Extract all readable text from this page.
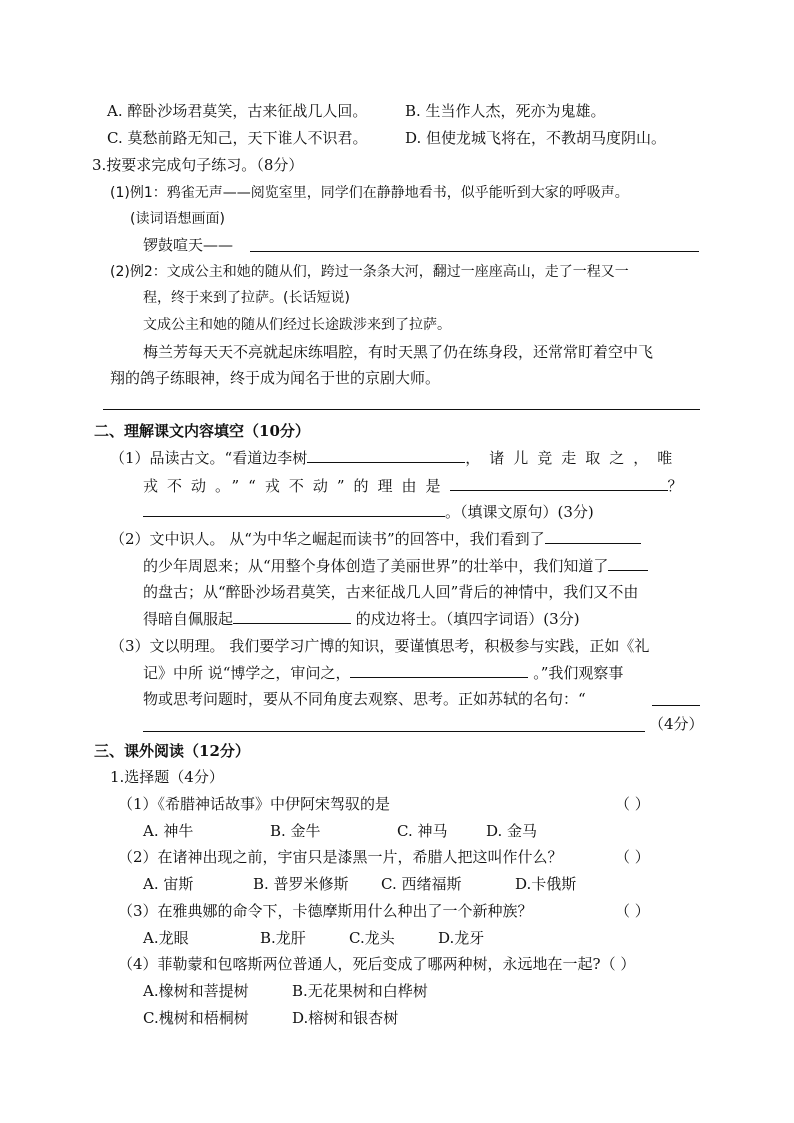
A. 醉卧沙场君莫笑，古来征战几人回。	B. 生当作人杰，死亦为鬼雄。
C. 莫愁前路无知己，天下谁人不识君。	D. 但使龙城飞将在，不教胡马度阴山。
3.按要求完成句子练习。（8分）
(1)例1：鸦雀无声——阅览室里，同学们在静静地看书，似乎能听到大家的呼吸声。
(读词语想画面)
锣鼓喧天——
(2)例2：文成公主和她的随从们，跨过一条条大河，翻过一座座高山，走了一程又一
程，终于来到了拉萨。(长话短说)
文成公主和她的随从们经过长途跋涉来到了拉萨。
梅兰芳每天天不亮就起床练唱腔，有时天黑了仍在练身段，还常常盯着空中飞
翔的鸽子练眼神，终于成为闻名于世的京剧大师。
二、理解课文内容填空（10分）
（1）品读古文。“看道边李树	，诸儿竞走取之，唯
戎不动。”“戎不动”的理由是	？
。（填课文原句）(3分)
（2）文中识人。 从“为中华之崛起而读书”的回答中，我们看到了
的少年周恩来；从“用整个身体创造了美丽世界”的壮举中，我们知道了
的盘古；从“醉卧沙场君莫笑，古来征战几人回”背后的神情中，我们又不由
得暗自佩服起	的戍边将士。（填四字词语）(3分)
（3）文以明理。 我们要学习广博的知识，要谨慎思考，积极参与实践，正如《礼
记》中所 说“博学之，审问之，	。”我们观察事
物或思考问题时，要从不同角度去观察、思考。正如苏轼的名句：“
（4分）
三、课外阅读（12分）
1.选择题（4分）
（1）《希腊神话故事》中伊阿宋驾驭的是	（ ）
A. 神牛	B. 金牛	C. 神马	D. 金马
（2）在诸神出现之前，宇宙只是漆黑一片，希腊人把这叫作什么？	（ ）
A. 宙斯	B. 普罗米修斯 C. 西绪福斯	D.卡俄斯
（3）在雅典娜的命令下，卡德摩斯用什么种出了一个新种族？	（ ）
A.龙眼	B.龙肝	C.龙头	D.龙牙
（4）菲勒蒙和包喀斯两位普通人，死后变成了哪两种树，永远地在一起?（ ）
A.橡树和菩提树	B.无花果树和白桦树
C.槐树和梧桐树	D.榕树和银杏树
